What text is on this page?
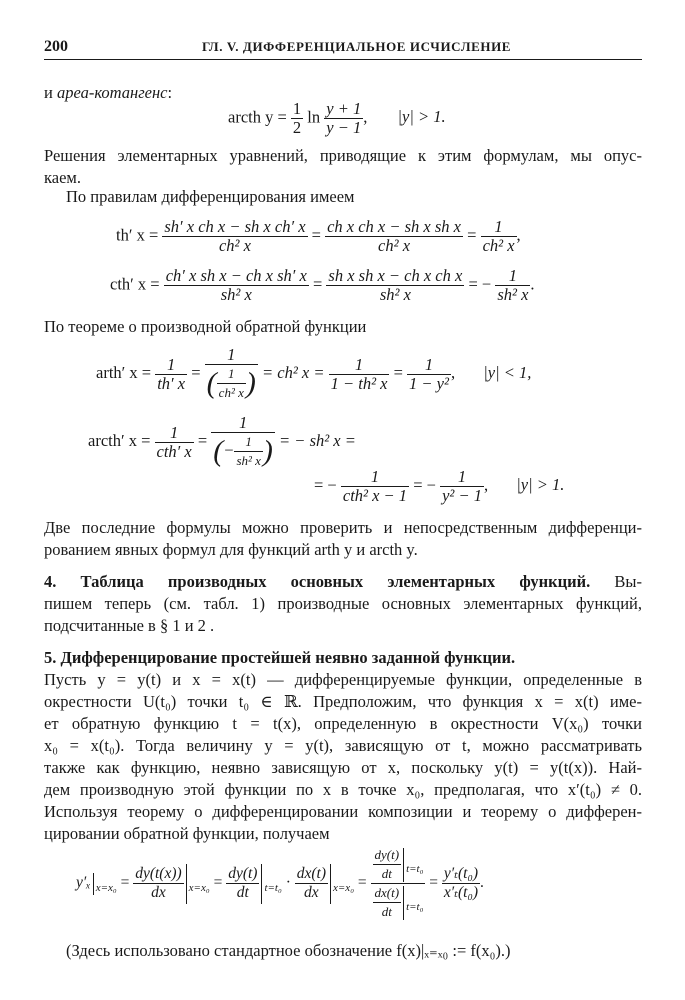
200	ГЛ. V. ДИФФЕРЕНЦИАЛЬНОЕ ИСЧИСЛЕНИЕ
и ареа-котангенс:
arcth $y = \frac{1}{2}$ $\ln \frac{y + 1}{y - 1}$ , |y| > 1.
Решения элементарных уравнений, приводящие к этим формулам, мы опус-
каем.
По правилам дифференцирования имеем
th′ $x = \frac{\text{sh′ x ch x − sh x ch′ x}}{\text{ch² x}} = \frac{\text{ch x ch x − sh x sh x}}{\text{ch² x}} = \frac{1}{\text{ch² x}}$ ,
cth′ $x = \frac{\text{ch′ x sh x − ch x sh′ x}}{\text{sh² x}} = \frac{\text{sh x sh x − ch x ch x}}{\text{sh² x}}$ = − $\frac{1}{\text{sh² x}}$ .
По теореме о производной обратной функции
arth′ $x = \frac{1}{th' x} = \frac{1}{( \frac{1}{\text{ch² x}} )} = ch^2$ $x = \frac{1}{\text{1 − th² x}} = \frac{1}{\text{1 − y²}}$ , |y| < 1,
arcth′ $x = \frac{1}{\text{cth′ x}} = \frac{1}{(- \frac{1}{\text{sh² x}} )}$ = − sh² x =
= − $\frac{1}{\text{cth² x − 1}}$ = − $\frac{1}{\text{y² − 1}}$ , |y| > 1.
Две последние формулы можно проверить и непосредственным дифференци-
рованием явных формул для функций arth y и arcth y.
4. Таблица производных основных элементарных функций. Вы-
пишем теперь (см. табл. 1) производные основных элементарных функций,
подсчитанные в § 1 и 2 .
5. Дифференцирование простейшей неявно заданной функции.
Пусть y = y(t) и x = x(t) — дифференцируемые функции, определенные в
окрестности U(t₀) точки t₀ ∈ ℝ. Предположим, что функция x = x(t) име-
ет обратную функцию t = t(x), определенную в окрестности V(x₀) точки
x₀ = x(t₀). Тогда величину y = y(t), зависящую от t, можно рассматривать
также как функцию, неявно зависящую от x, поскольку y(t) = y(t(x)). Най-
дем производную этой функции по x в точке x₀, предполагая, что x′(t₀) ≠ 0.
Используя теорему о дифференцировании композиции и теорему о дифферен-
цировании обратной функции, получаем
y′ₓ $_{x=x_0} = \frac{dy(t(x))}{dx} _{x=x_0} = \frac{dy(t)}{dt} _{t=t_0} \cdot \frac{dx(t)}{dx} _{x=x_0} = \frac{\frac{dy(t)}{dt} _{t=t_0}}{\frac{dx(t)}{dt} _{t=t_0}} = \frac{\text{y′ₜ(t₀)}}{\text{x′ₜ(t₀)}}$ .
(Здесь использовано стандартное обозначение f(x)|ₓ₌ₓ₀ := f(x₀).)
